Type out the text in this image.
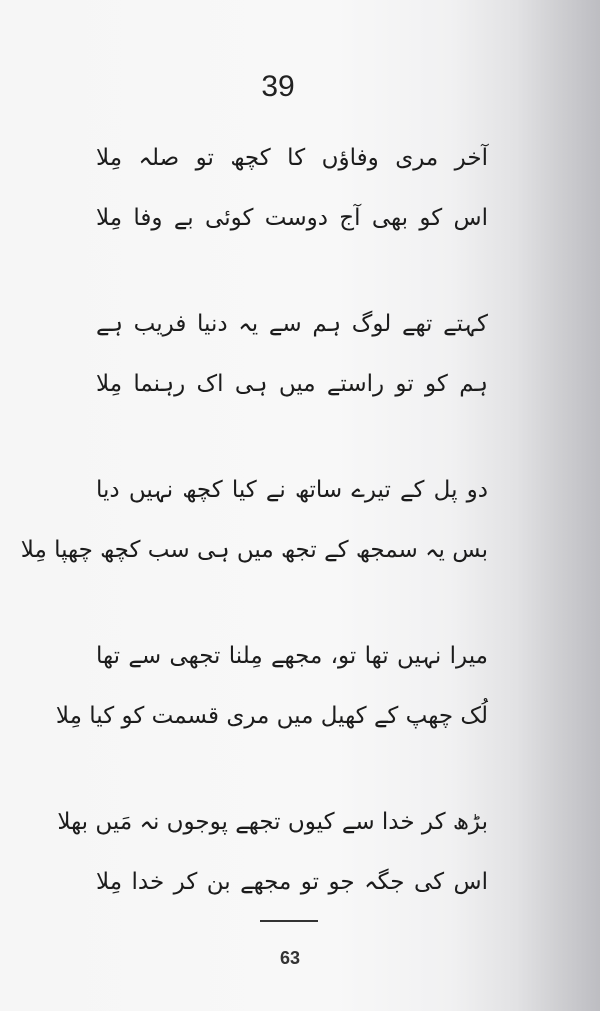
39
آخر مری وفاؤں کا کچھ تو صلہ مِلا
اس کو بھی آج دوست کوئی بے وفا مِلا
کہتے تھے لوگ ہم سے یہ دنیا فریب ہے
ہم کو تو راستے میں ہی اک رہنما مِلا
دو پل کے تیرے ساتھ نے کیا کچھ نہیں دیا
بس یہ سمجھ کے تجھ میں ہی سب کچھ چھپا مِلا
میرا نہیں تھا تو، مجھے مِلنا تجھی سے تھا
لُک چھپ کے کھیل میں مری قسمت کو کیا مِلا
بڑھ کر خدا سے کیوں تجھے پوجوں نہ مَیں بھلا
اس کی جگہ جو تو مجھے بن کر خدا مِلا
63
